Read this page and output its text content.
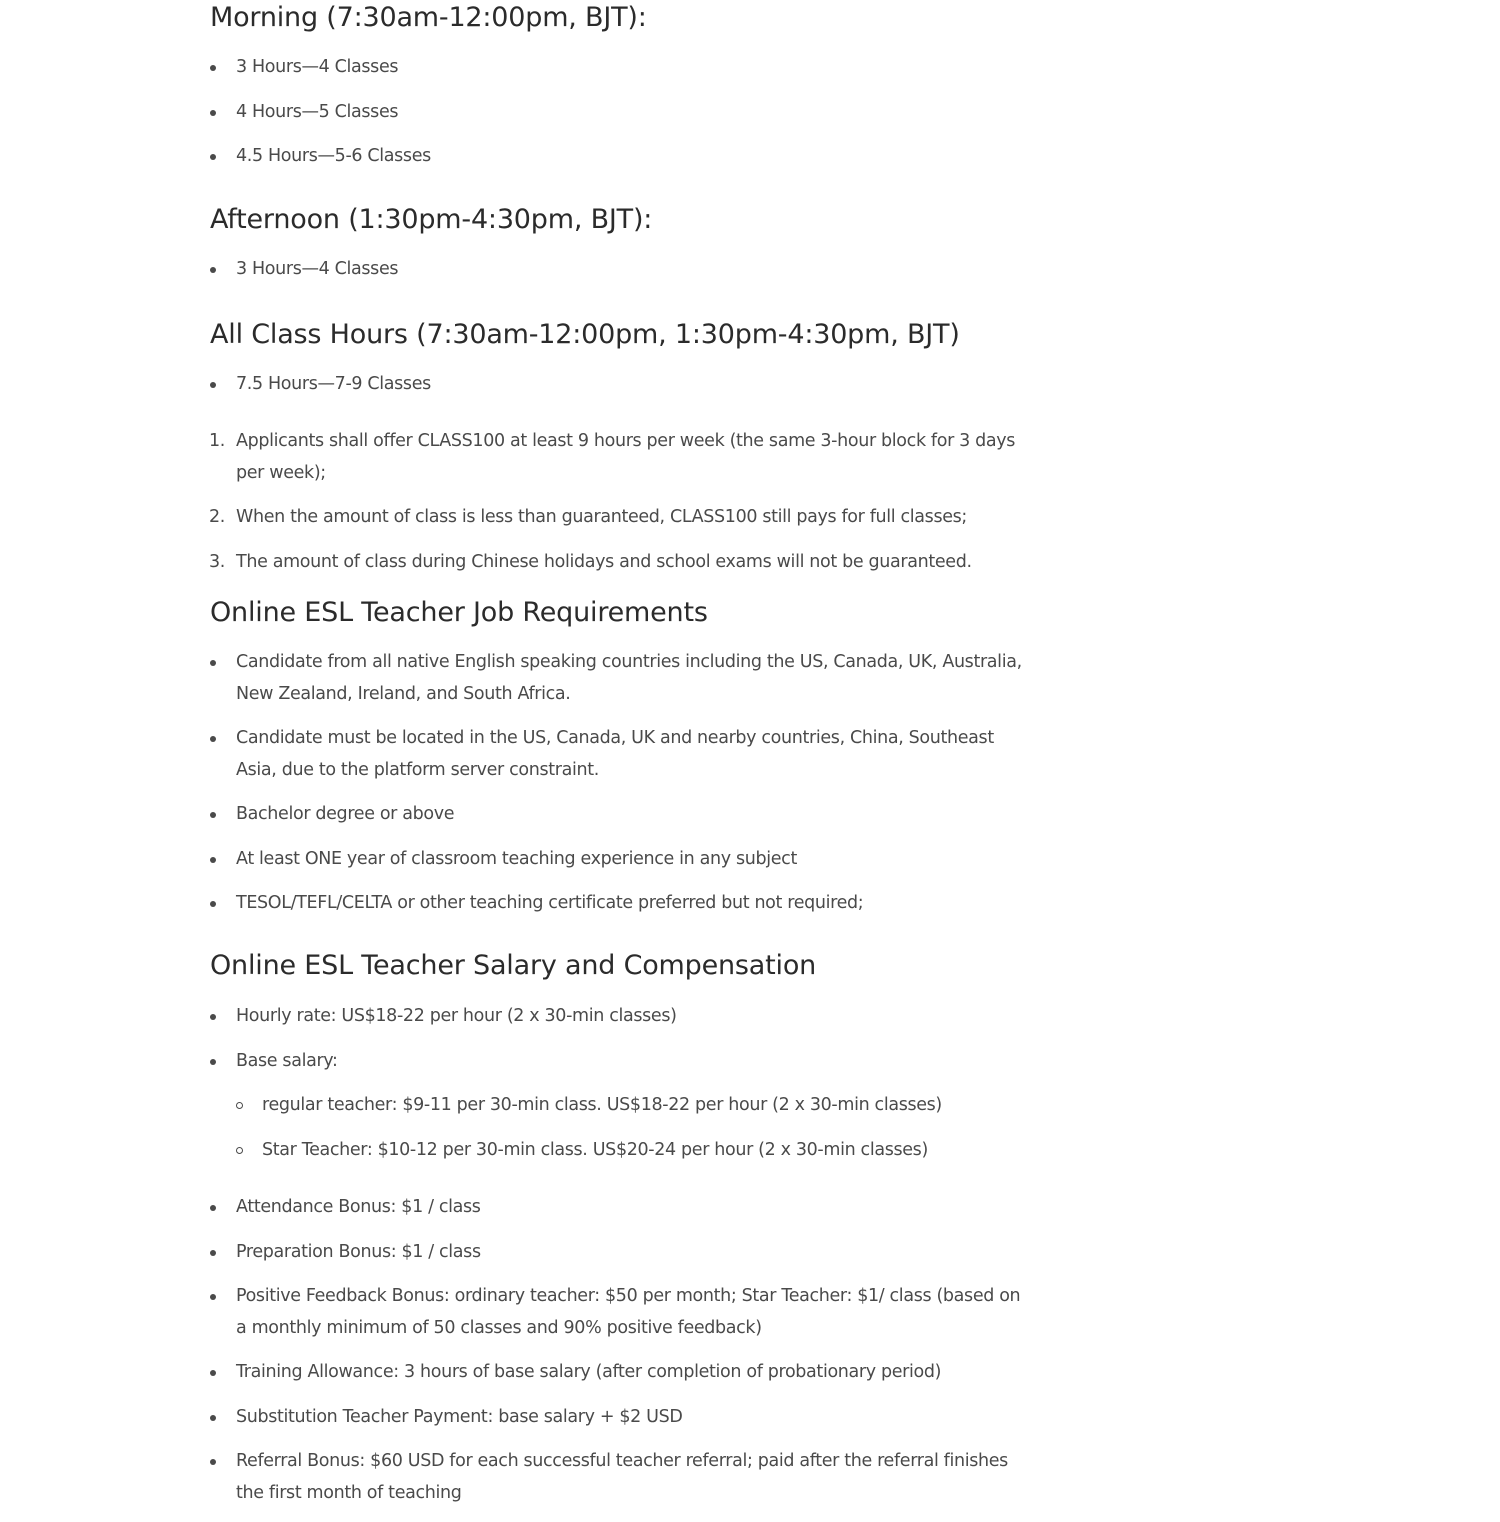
Morning (7:30am-12:00pm, BJT):
3 Hours—4 Classes
4 Hours—5 Classes
4.5 Hours—5-6 Classes
Afternoon (1:30pm-4:30pm, BJT):
3 Hours—4 Classes
All Class Hours (7:30am-12:00pm, 1:30pm-4:30pm, BJT)
7.5 Hours—7-9 Classes
1. Applicants shall offer CLASS100 at least 9 hours per week (the same 3-hour block for 3 days per week);
2. When the amount of class is less than guaranteed, CLASS100 still pays for full classes;
3. The amount of class during Chinese holidays and school exams will not be guaranteed.
Online ESL Teacher Job Requirements
Candidate from all native English speaking countries including the US, Canada, UK, Australia, New Zealand, Ireland, and South Africa.
Candidate must be located in the US, Canada, UK and nearby countries, China, Southeast Asia, due to the platform server constraint.
Bachelor degree or above
At least ONE year of classroom teaching experience in any subject
TESOL/TEFL/CELTA or other teaching certificate preferred but not required;
Online ESL Teacher Salary and Compensation
Hourly rate: US$18-22 per hour (2 x 30-min classes)
Base salary:
regular teacher: $9-11 per 30-min class. US$18-22 per hour (2 x 30-min classes)
Star Teacher: $10-12 per 30-min class. US$20-24 per hour (2 x 30-min classes)
Attendance Bonus: $1 / class
Preparation Bonus: $1 / class
Positive Feedback Bonus: ordinary teacher: $50 per month; Star Teacher: $1/ class (based on a monthly minimum of 50 classes and 90% positive feedback)
Training Allowance: 3 hours of base salary (after completion of probationary period)
Substitution Teacher Payment: base salary + $2 USD
Referral Bonus: $60 USD for each successful teacher referral; paid after the referral finishes the first month of teaching
